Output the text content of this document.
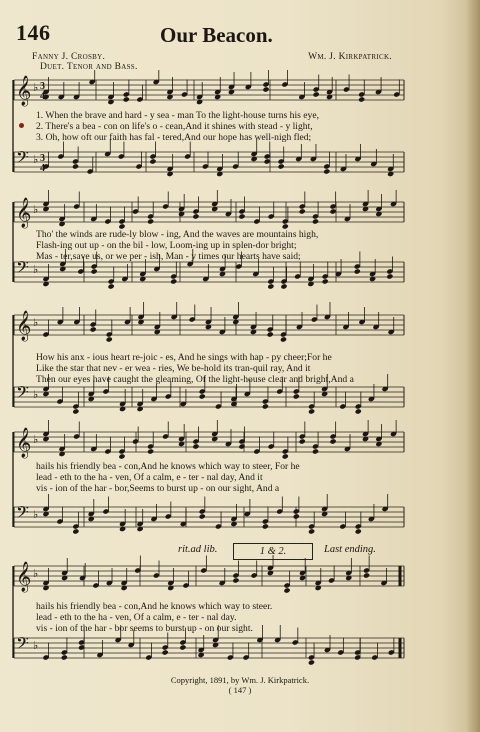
146	Our Beacon.
Fanny J. Crosby.	Wm. J. Kirkpatrick.
Duet. Tenor and Bass.
𝄞 ♭
𝄢 ♭
3
4
3
4
𝄞 ♭
𝄢 ♭
𝄞 ♭
𝄢 ♭
𝄞 ♭
𝄢 ♭
𝄞 ♭
𝄢 ♭
1. When the brave and hard - y sea - man To the light-house turns his eye,
2. There's a bea - con on life's o - cean,And it shines with stead - y light,
3. Oh, how oft our faith has fal - tered,And our hope has well-nigh fled;
Tho' the winds are rude-ly blow - ing, And the waves are mountains high,
Flash-ing out up - on the bil - low, Loom-ing up in splen-dor bright;
Mas - ter,save us, or we per - ish, Man - y times our hearts have said;
How his anx - ious heart re-joic - es, And he sings with hap - py cheer;For he
Like the star that nev - er wea - ries, We be-hold its tran-quil ray, And it
Then our eyes have caught the gleaming, Of the light-house clear and bright,And a
hails his friendly bea - con,And he knows which way to steer, For he
lead - eth to the ha - ven, Of a calm, e - ter - nal day, And it
vis - ion of the har - bor,Seems to burst up - on our sight, And a
hails his friendly bea - con,And he knows which way to steer.
lead - eth to the ha - ven, Of a calm, e - ter - nal day.
vis - ion of the har - bor seems to burst up - on our sight.
rit.ad lib.	1 & 2.	Last ending.
Copyright, 1891, by Wm. J. Kirkpatrick.
( 147 )
